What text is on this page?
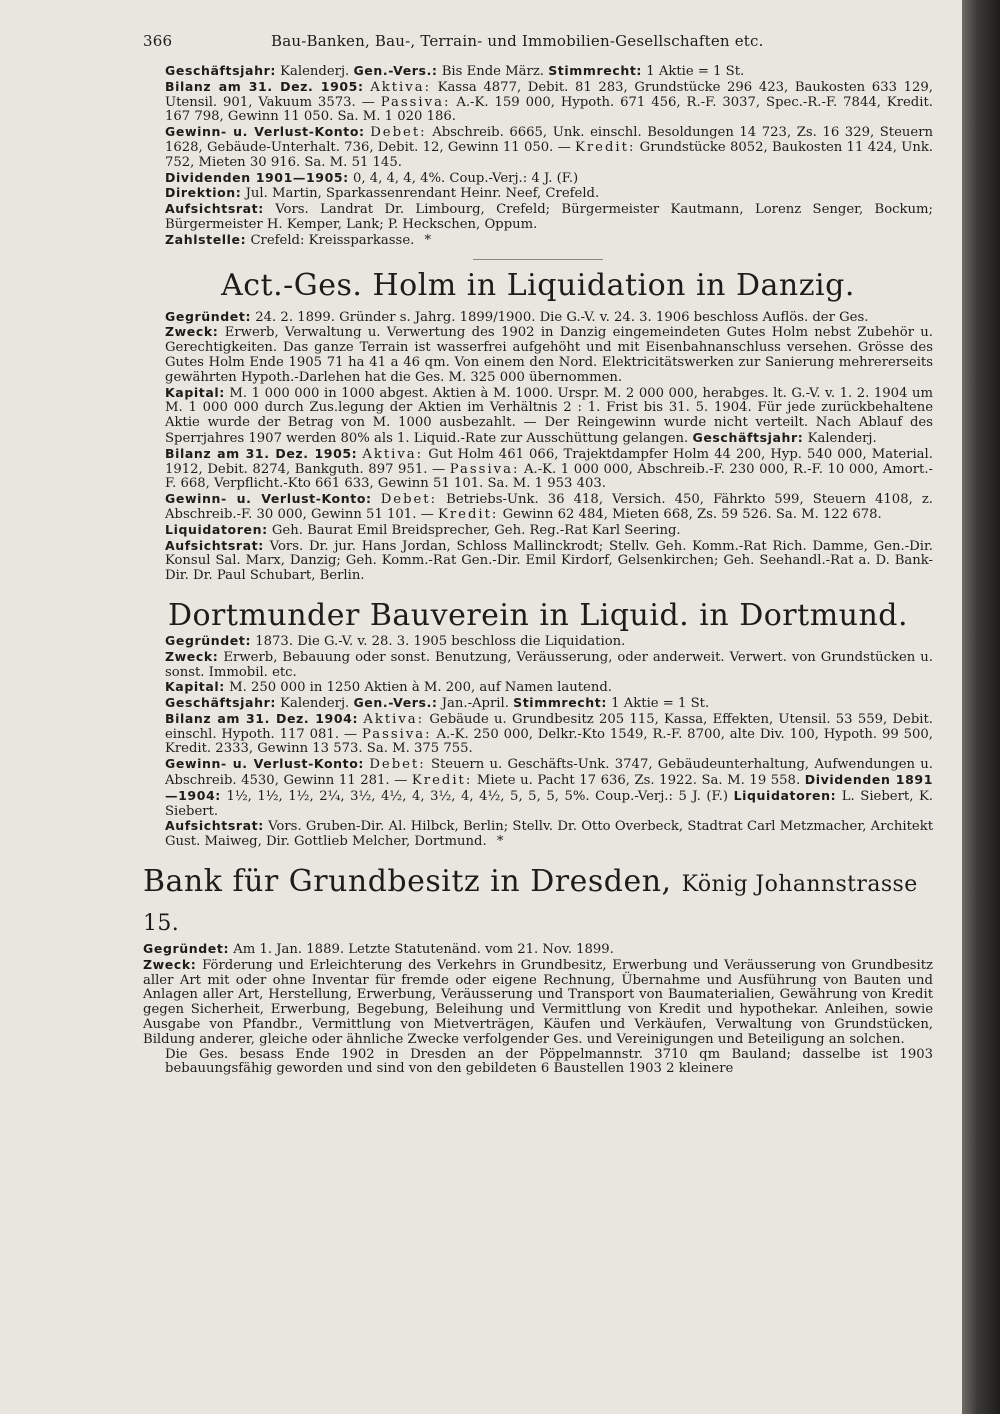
366	Bau-Banken, Bau-, Terrain- und Immobilien-Gesellschaften etc.

Geschäftsjahr: Kalenderj. Gen.-Vers.: Bis Ende März. Stimmrecht: 1 Aktie = 1 St.

Bilanz am 31. Dez. 1905: Aktiva: Kassa 4877, Debit. 81 283, Grundstücke 296 423, Baukosten 633 129, Utensil. 901, Vakuum 3573. — Passiva: A.-K. 159 000, Hypoth. 671 456, R.-F. 3037, Spec.-R.-F. 7844, Kredit. 167 798, Gewinn 11 050. Sa. M. 1 020 186.

Gewinn- u. Verlust-Konto: Debet: Abschreib. 6665, Unk. einschl. Besoldungen 14 723, Zs. 16 329, Steuern 1628, Gebäude-Unterhalt. 736, Debit. 12, Gewinn 11 050. — Kredit: Grundstücke 8052, Baukosten 11 424, Unk. 752, Mieten 30 916. Sa. M. 51 145.

Dividenden 1901—1905: 0, 4, 4, 4, 4%. Coup.-Verj.: 4 J. (F.)

Direktion: Jul. Martin, Sparkassenrendant Heinr. Neef, Crefeld.

Aufsichtsrat: Vors. Landrat Dr. Limbourg, Crefeld; Bürgermeister Kautmann, Lorenz Senger, Bockum; Bürgermeister H. Kemper, Lank; P. Heckschen, Oppum.

Zahlstelle: Crefeld: Kreissparkasse. *

Act.-Ges. Holm in Liquidation in Danzig.

Gegründet: 24. 2. 1899. Gründer s. Jahrg. 1899/1900. Die G.-V. v. 24. 3. 1906 beschloss Auflös. der Ges.

Zweck: Erwerb, Verwaltung u. Verwertung des 1902 in Danzig eingemeindeten Gutes Holm nebst Zubehör u. Gerechtigkeiten. Das ganze Terrain ist wasserfrei aufgehöht und mit Eisenbahnanschluss versehen. Grösse des Gutes Holm Ende 1905 71 ha 41 a 46 qm. Von einem den Nord. Elektricitätswerken zur Sanierung mehrererseits gewährten Hypoth.-Darlehen hat die Ges. M. 325 000 übernommen.

Kapital: M. 1 000 000 in 1000 abgest. Aktien à M. 1000. Urspr. M. 2 000 000, herabges. lt. G.-V. v. 1. 2. 1904 um M. 1 000 000 durch Zus.legung der Aktien im Verhältnis 2 : 1. Frist bis 31. 5. 1904. Für jede zurückbehaltene Aktie wurde der Betrag von M. 1000 ausbezahlt. — Der Reingewinn wurde nicht verteilt. Nach Ablauf des Sperrjahres 1907 werden 80% als 1. Liquid.-Rate zur Ausschüttung gelangen. Geschäftsjahr: Kalenderj.

Bilanz am 31. Dez. 1905: Aktiva: Gut Holm 461 066, Trajektdampfer Holm 44 200, Hyp. 540 000, Material. 1912, Debit. 8274, Bankguth. 897 951. — Passiva: A.-K. 1 000 000, Abschreib.-F. 230 000, R.-F. 10 000, Amort.-F. 668, Verpflicht.-Kto 661 633, Gewinn 51 101. Sa. M. 1 953 403.

Gewinn- u. Verlust-Konto: Debet: Betriebs-Unk. 36 418, Versich. 450, Fährkto 599, Steuern 4108, z. Abschreib.-F. 30 000, Gewinn 51 101. — Kredit: Gewinn 62 484, Mieten 668, Zs. 59 526. Sa. M. 122 678.

Liquidatoren: Geh. Baurat Emil Breidsprecher, Geh. Reg.-Rat Karl Seering.

Aufsichtsrat: Vors. Dr. jur. Hans Jordan, Schloss Mallinckrodt; Stellv. Geh. Komm.-Rat Rich. Damme, Gen.-Dir. Konsul Sal. Marx, Danzig; Geh. Komm.-Rat Gen.-Dir. Emil Kirdorf, Gelsenkirchen; Geh. Seehandl.-Rat a. D. Bank-Dir. Dr. Paul Schubart, Berlin.

Dortmunder Bauverein in Liquid. in Dortmund.

Gegründet: 1873. Die G.-V. v. 28. 3. 1905 beschloss die Liquidation.

Zweck: Erwerb, Bebauung oder sonst. Benutzung, Veräusserung, oder anderweit. Verwert. von Grundstücken u. sonst. Immobil. etc.

Kapital: M. 250 000 in 1250 Aktien à M. 200, auf Namen lautend.

Geschäftsjahr: Kalenderj. Gen.-Vers.: Jan.-April. Stimmrecht: 1 Aktie = 1 St.

Bilanz am 31. Dez. 1904: Aktiva: Gebäude u. Grundbesitz 205 115, Kassa, Effekten, Utensil. 53 559, Debit. einschl. Hypoth. 117 081. — Passiva: A.-K. 250 000, Delkr.-Kto 1549, R.-F. 8700, alte Div. 100, Hypoth. 99 500, Kredit. 2333, Gewinn 13 573. Sa. M. 375 755.

Gewinn- u. Verlust-Konto: Debet: Steuern u. Geschäfts-Unk. 3747, Gebäudeunterhaltung, Aufwendungen u. Abschreib. 4530, Gewinn 11 281. — Kredit: Miete u. Pacht 17 636, Zs. 1922. Sa. M. 19 558. Dividenden 1891—1904: 1½, 1½, 1½, 2¼, 3½, 4½, 4, 3½, 4, 4½, 5, 5, 5, 5%. Coup.-Verj.: 5 J. (F.) Liquidatoren: L. Siebert, K. Siebert.

Aufsichtsrat: Vors. Gruben-Dir. Al. Hilbck, Berlin; Stellv. Dr. Otto Overbeck, Stadtrat Carl Metzmacher, Architekt Gust. Maiweg, Dir. Gottlieb Melcher, Dortmund. *

Bank für Grundbesitz in Dresden, König Johannstrasse 15.

Gegründet: Am 1. Jan. 1889. Letzte Statutenänd. vom 21. Nov. 1899.

Zweck: Förderung und Erleichterung des Verkehrs in Grundbesitz, Erwerbung und Veräusserung von Grundbesitz aller Art mit oder ohne Inventar für fremde oder eigene Rechnung, Übernahme und Ausführung von Bauten und Anlagen aller Art, Herstellung, Erwerbung, Veräusserung und Transport von Baumaterialien, Gewährung von Kredit gegen Sicherheit, Erwerbung, Begebung, Beleihung und Vermittlung von Kredit und hypothekar. Anleihen, sowie Ausgabe von Pfandbr., Vermittlung von Mietverträgen, Käufen und Verkäufen, Verwaltung von Grundstücken, Bildung anderer, gleiche oder ähnliche Zwecke verfolgender Ges. und Vereinigungen und Beteiligung an solchen.

Die Ges. besass Ende 1902 in Dresden an der Pöppelmannstr. 3710 qm Bauland; dasselbe ist 1903 bebauungsfähig geworden und sind von den gebildeten 6 Baustellen 1903 2 kleinere
